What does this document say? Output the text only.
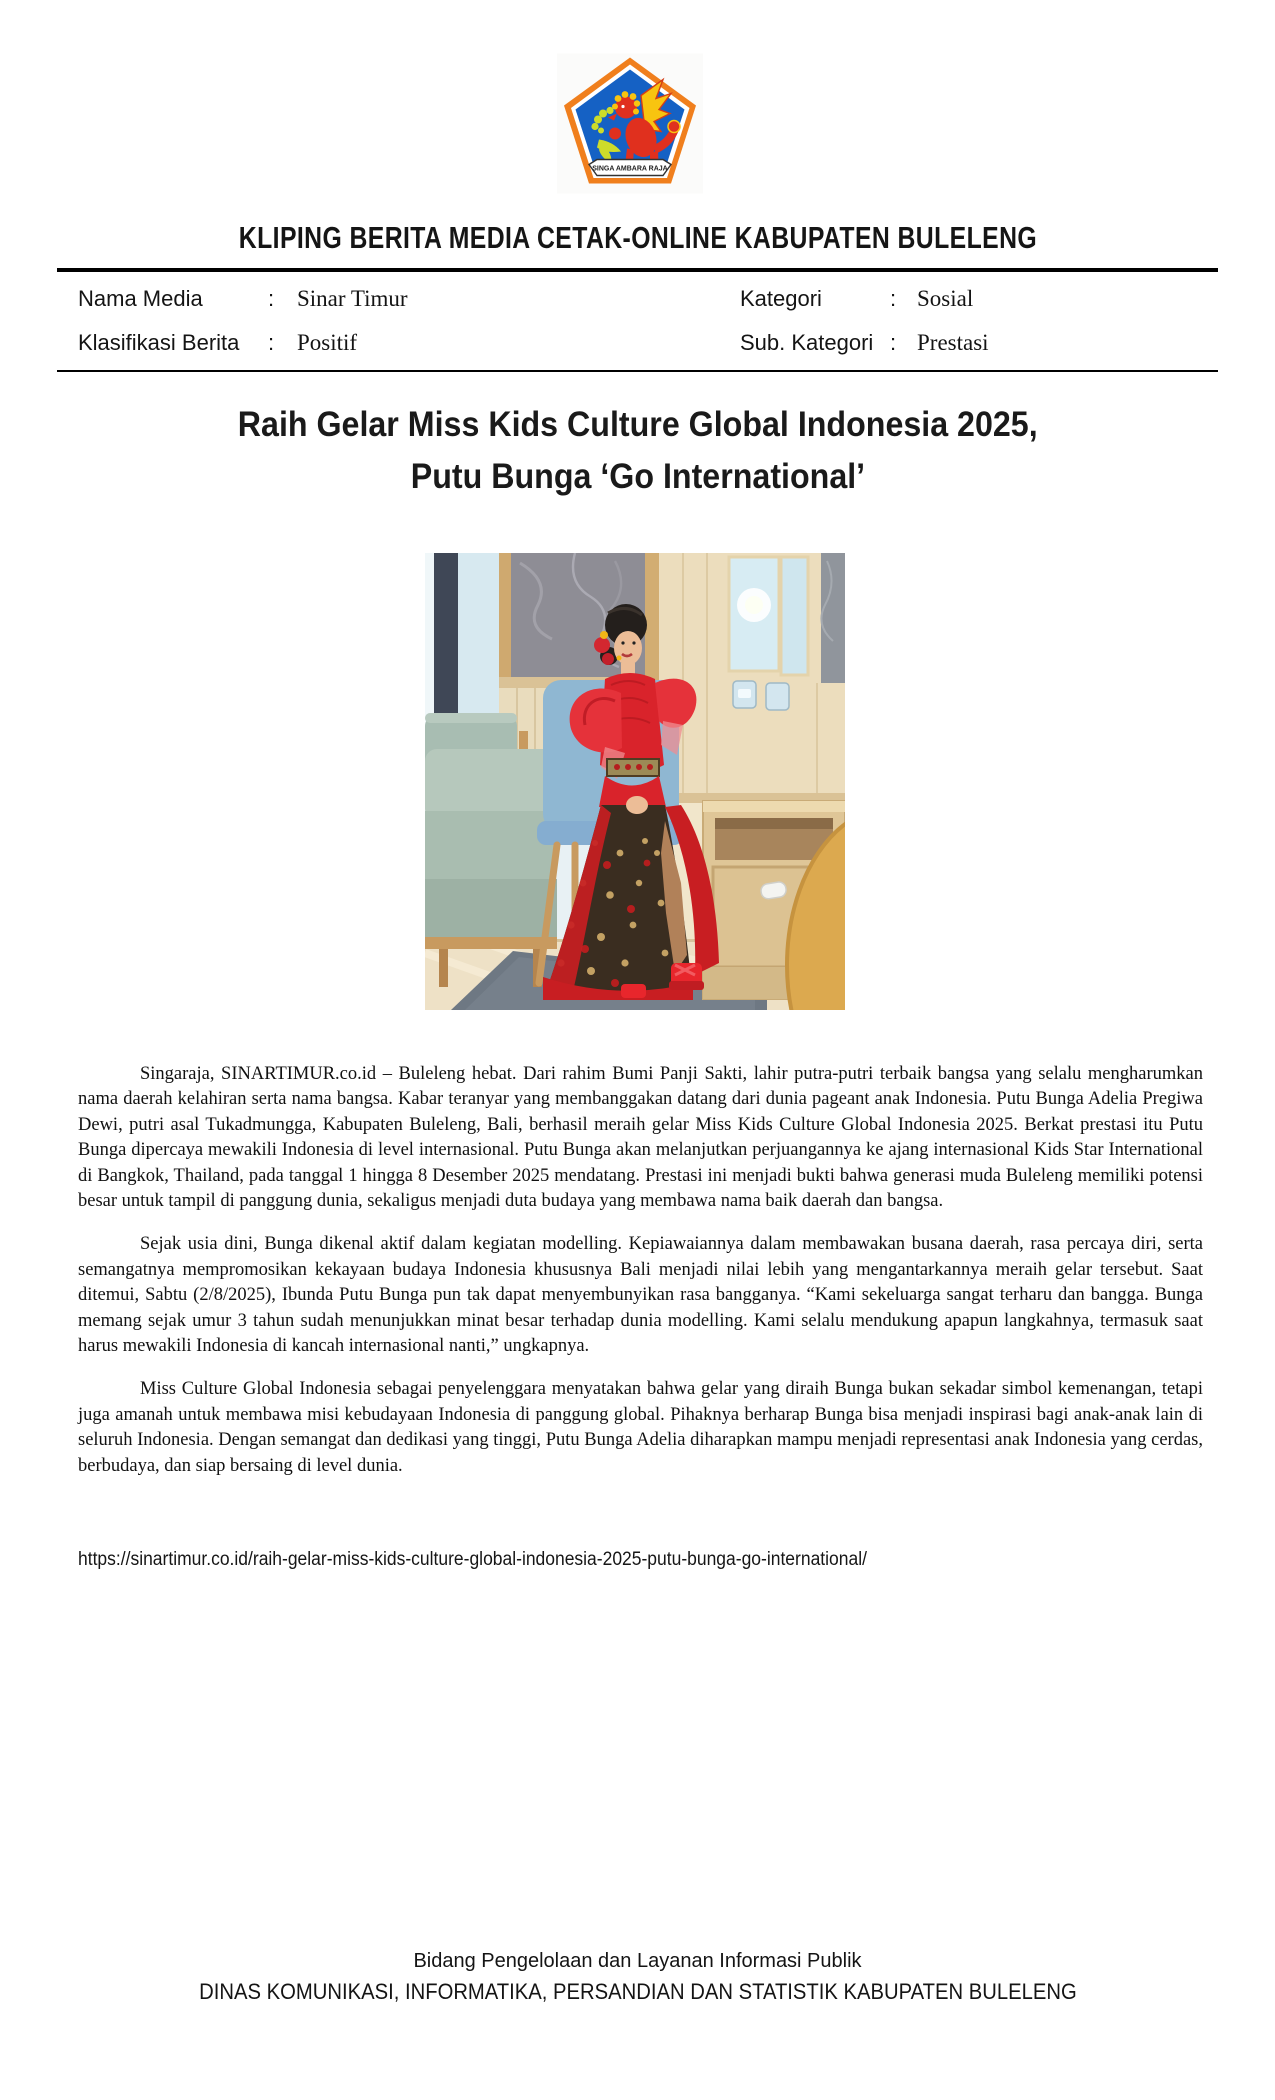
SINGA AMBARA RAJA
KLIPING BERITA MEDIA CETAK-ONLINE KABUPATEN BULELENG
Nama Media	: Sinar Timur
Klasifikasi Berita : Positif
Kategori	: Sosial
Sub. Kategori : Prestasi
Raih Gelar Miss Kids Culture Global Indonesia 2025,
Putu Bunga ‘Go International’

Singaraja, SINARTIMUR.co.id – Buleleng hebat. Dari rahim Bumi Panji Sakti, lahir putra-putri terbaik bangsa yang selalu mengharumkan nama daerah kelahiran serta nama bangsa. Kabar teranyar yang membanggakan datang dari dunia pageant anak Indonesia. Putu Bunga Adelia Pregiwa Dewi, putri asal Tukadmungga, Kabupaten Buleleng, Bali, berhasil meraih gelar Miss Kids Culture Global Indonesia 2025. Berkat prestasi itu Putu Bunga dipercaya mewakili Indonesia di level internasional. Putu Bunga akan melanjutkan perjuangannya ke ajang internasional Kids Star International di Bangkok, Thailand, pada tanggal 1 hingga 8 Desember 2025 mendatang. Prestasi ini menjadi bukti bahwa generasi muda Buleleng memiliki potensi besar untuk tampil di panggung dunia, sekaligus menjadi duta budaya yang membawa nama baik daerah dan bangsa.

Sejak usia dini, Bunga dikenal aktif dalam kegiatan modelling. Kepiawaiannya dalam membawakan busana daerah, rasa percaya diri, serta semangatnya mempromosikan kekayaan budaya Indonesia khususnya Bali menjadi nilai lebih yang mengantarkannya meraih gelar tersebut. Saat ditemui, Sabtu (2/8/2025), Ibunda Putu Bunga pun tak dapat menyembunyikan rasa bangganya. “Kami sekeluarga sangat terharu dan bangga. Bunga memang sejak umur 3 tahun sudah menunjukkan minat besar terhadap dunia modelling. Kami selalu mendukung apapun langkahnya, termasuk saat harus mewakili Indonesia di kancah internasional nanti,” ungkapnya.

Miss Culture Global Indonesia sebagai penyelenggara menyatakan bahwa gelar yang diraih Bunga bukan sekadar simbol kemenangan, tetapi juga amanah untuk membawa misi kebudayaan Indonesia di panggung global. Pihaknya berharap Bunga bisa menjadi inspirasi bagi anak-anak lain di seluruh Indonesia. Dengan semangat dan dedikasi yang tinggi, Putu Bunga Adelia diharapkan mampu menjadi representasi anak Indonesia yang cerdas, berbudaya, dan siap bersaing di level dunia.

https://sinartimur.co.id/raih-gelar-miss-kids-culture-global-indonesia-2025-putu-bunga-go-international/
Bidang Pengelolaan dan Layanan Informasi Publik
DINAS KOMUNIKASI, INFORMATIKA, PERSANDIAN DAN STATISTIK KABUPATEN BULELENG
